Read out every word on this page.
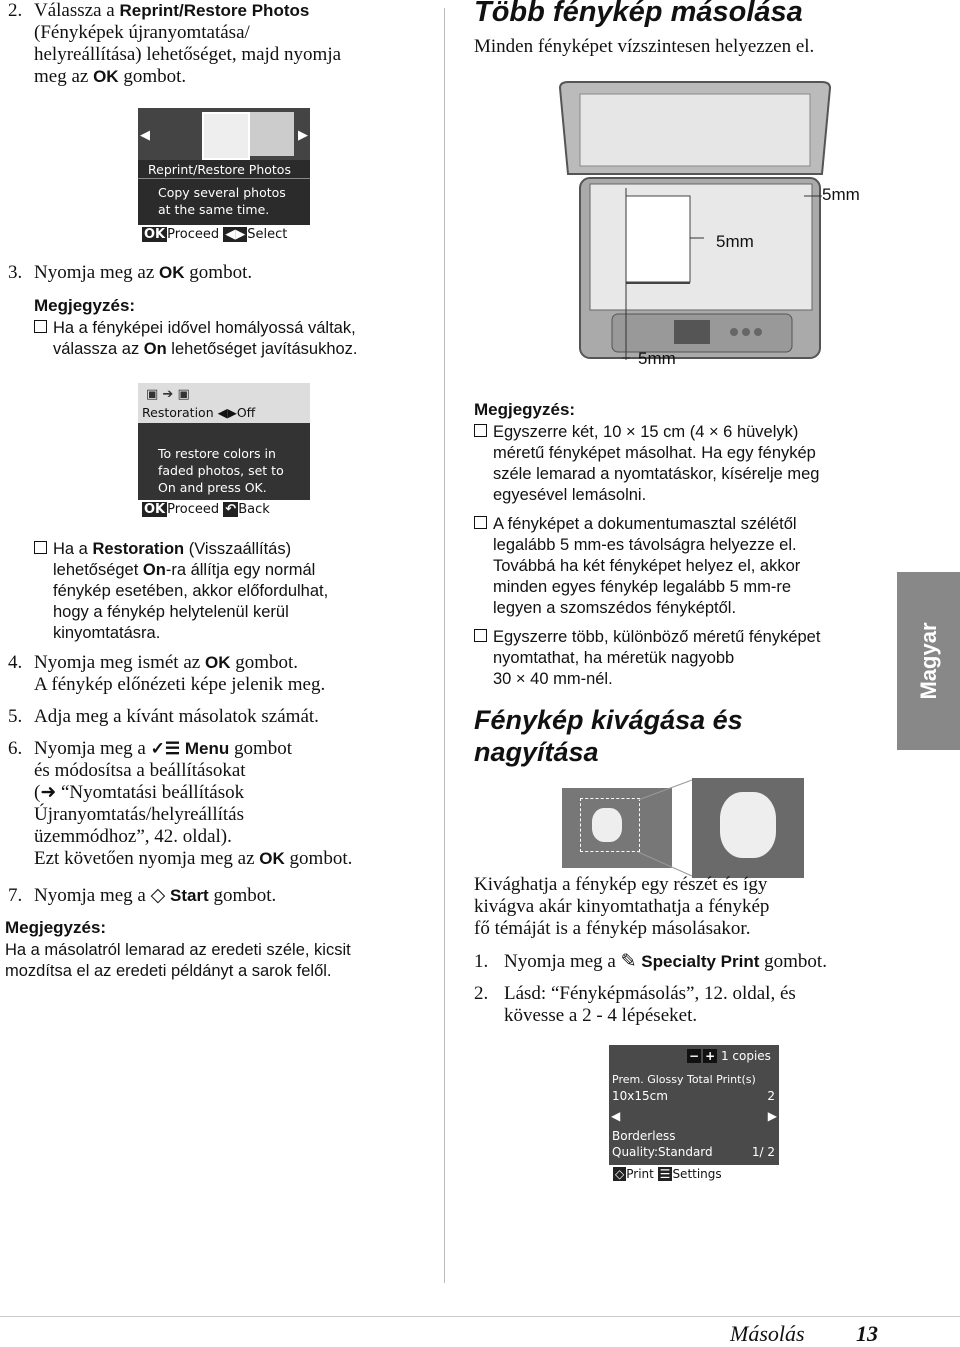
2. Válassza a Reprint/Restore Photos
(Fényképek újranyomtatása/
helyreállítása) lehetőséget, majd nyomja
meg az OK gombot.
◀	▶
Reprint/Restore Photos
Copy several photos
at the same time.
OK Proceed ◀▶ Select
3. Nyomja meg az OK gombot.
Megjegyzés:
Ha a fényképei idővel homályossá váltak,
válassza az On lehetőséget javításukhoz.
▣ ➔ ▣
Restoration ◀▶Off
To restore colors in
faded photos, set to
On and press OK.
OK Proceed ↶ Back
Ha a Restoration (Visszaállítás)
lehetőséget On-ra állítja egy normál
fénykép esetében, akkor előfordulhat,
hogy a fénykép helytelenül kerül
kinyomtatásra.
4. Nyomja meg ismét az OK gombot.
A fénykép előnézeti képe jelenik meg.
5. Adja meg a kívánt másolatok számát.
6. Nyomja meg a ✓☰ Menu gombot
és módosítsa a beállításokat
(➜ “Nyomtatási beállítások
Újranyomtatás/helyreállítás
üzemmódhoz”, 42. oldal).
Ezt követően nyomja meg az OK gombot.
7. Nyomja meg a ◇ Start gombot.
Megjegyzés:
Ha a másolatról lemarad az eredeti széle, kicsit
mozdítsa el az eredeti példányt a sarok felől.
Több fénykép másolása
Minden fényképet vízszintesen helyezzen el.
5mm
5mm
5mm
Megjegyzés:
Egyszerre két, 10 × 15 cm (4 × 6 hüvelyk)
méretű fényképet másolhat. Ha egy fénykép
széle lemarad a nyomtatáskor, kísérelje meg
egyesével lemásolni.
A fényképet a dokumentumasztal szélétől
legalább 5 mm-es távolságra helyezze el.
Továbbá ha két fényképet helyez el, akkor
minden egyes fénykép legalább 5 mm-re
legyen a szomszédos fényképtől.
Egyszerre több, különböző méretű fényképet
nyomtathat, ha méretük nagyobb
30 × 40 mm-nél.
Fénykép kivágása és
nagyítása
Kivághatja a fénykép egy részét és így
kivágva akár kinyomtathatja a fénykép
fő témáját is a fénykép másolásakor.
1. Nyomja meg a ✎ Specialty Print gombot.
2. Lásd: “Fényképmásolás”, 12. oldal, és
kövesse a 2 - 4 lépéseket.
− + 1 copies
Prem. Glossy Total Print(s)
10x15cm	2
◀	▶
Borderless
Quality:Standard	1/ 2
◇ Print ☰ Settings
Magyar
Másolás 13
